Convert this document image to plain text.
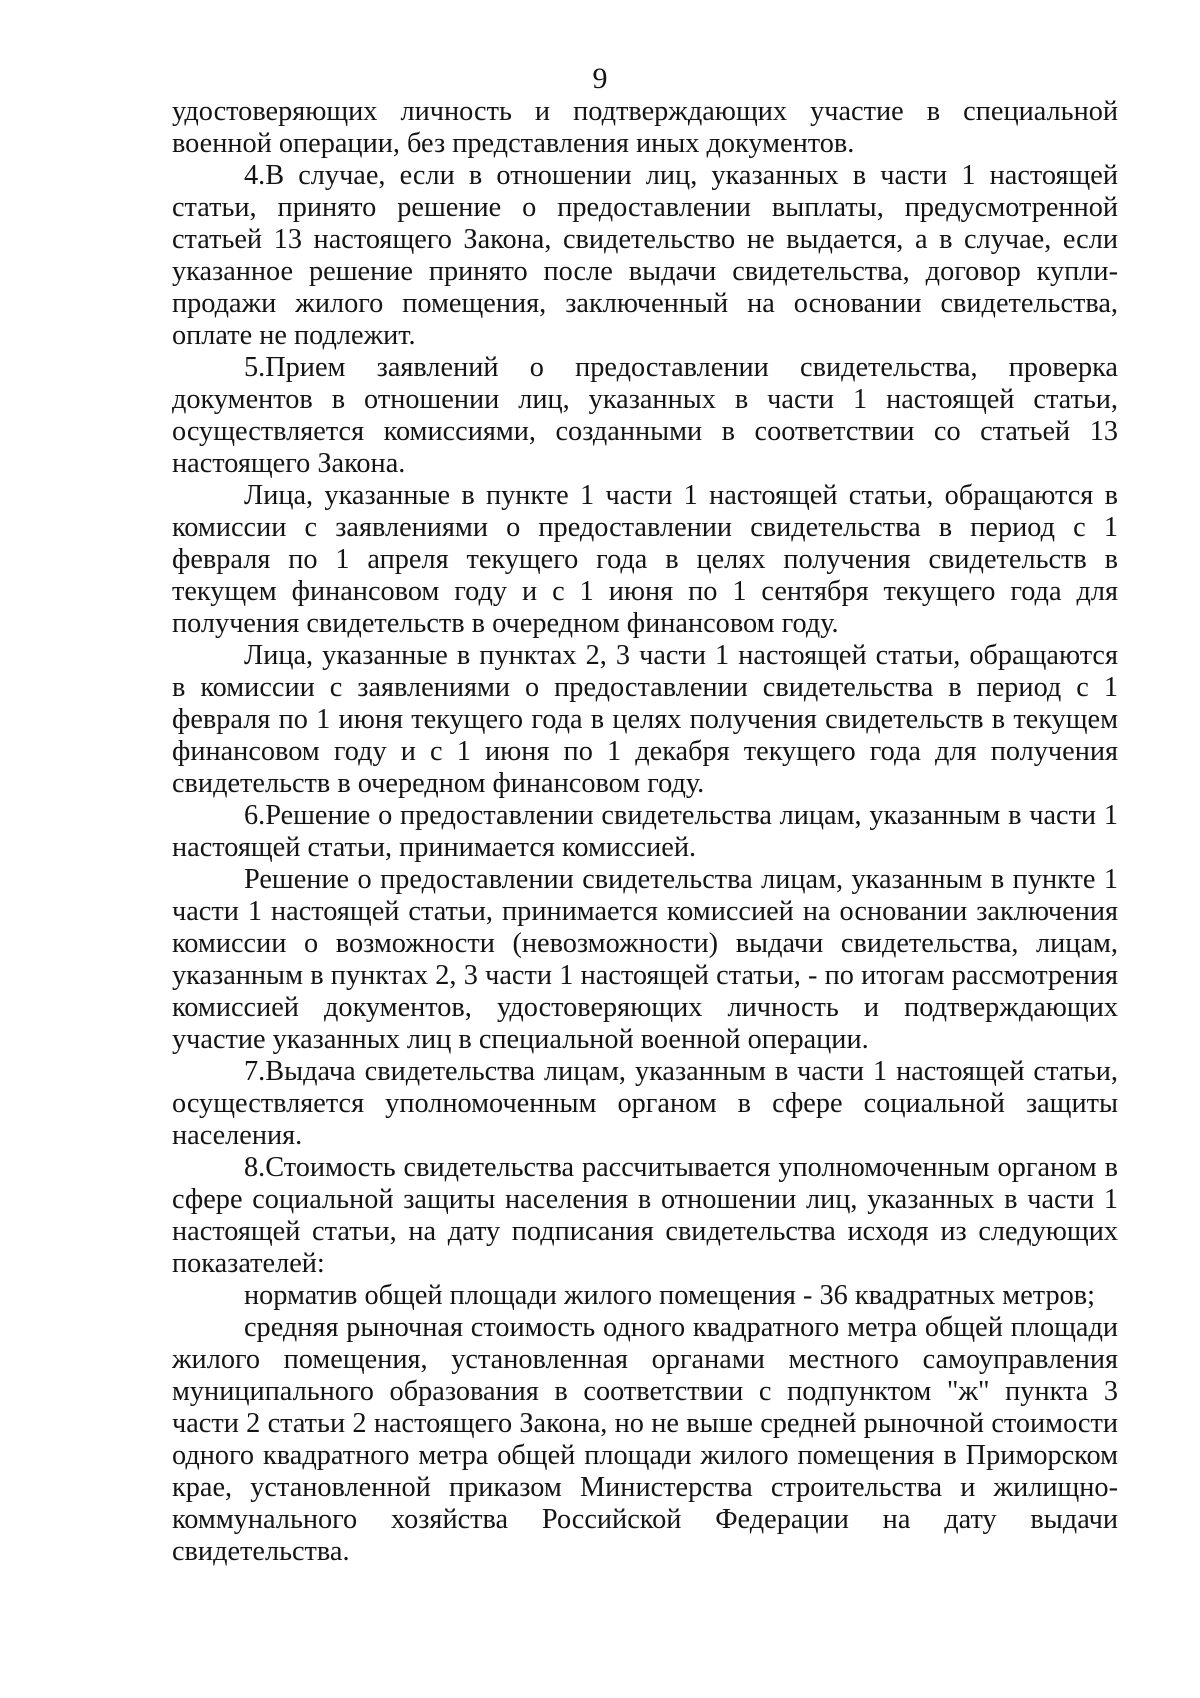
9

удостоверяющих личность и подтверждающих участие в специальной военной операции, без представления иных документов.

4.В случае, если в отношении лиц, указанных в части 1 настоящей статьи, принято решение о предоставлении выплаты, предусмотренной статьей 13 настоящего Закона, свидетельство не выдается, а в случае, если указанное решение принято после выдачи свидетельства, договор купли-продажи жилого помещения, заключенный на основании свидетельства, оплате не подлежит.

5.Прием заявлений о предоставлении свидетельства, проверка документов в отношении лиц, указанных в части 1 настоящей статьи, осуществляется комиссиями, созданными в соответствии со статьей 13 настоящего Закона.

Лица, указанные в пункте 1 части 1 настоящей статьи, обращаются в комиссии с заявлениями о предоставлении свидетельства в период с 1 февраля по 1 апреля текущего года в целях получения свидетельств в текущем финансовом году и с 1 июня по 1 сентября текущего года для получения свидетельств в очередном финансовом году.

Лица, указанные в пунктах 2, 3 части 1 настоящей статьи, обращаются в комиссии с заявлениями о предоставлении свидетельства в период с 1 февраля по 1 июня текущего года в целях получения свидетельств в текущем финансовом году и с 1 июня по 1 декабря текущего года для получения свидетельств в очередном финансовом году.

6.Решение о предоставлении свидетельства лицам, указанным в части 1 настоящей статьи, принимается комиссией.

Решение о предоставлении свидетельства лицам, указанным в пункте 1 части 1 настоящей статьи, принимается комиссией на основании заключения комиссии о возможности (невозможности) выдачи свидетельства, лицам, указанным в пунктах 2, 3 части 1 настоящей статьи, - по итогам рассмотрения комиссией документов, удостоверяющих личность и подтверждающих участие указанных лиц в специальной военной операции.

7.Выдача свидетельства лицам, указанным в части 1 настоящей статьи, осуществляется уполномоченным органом в сфере социальной защиты населения.

8.Стоимость свидетельства рассчитывается уполномоченным органом в сфере социальной защиты населения в отношении лиц, указанных в части 1 настоящей статьи, на дату подписания свидетельства исходя из следующих показателей:

норматив общей площади жилого помещения - 36 квадратных метров;

средняя рыночная стоимость одного квадратного метра общей площади жилого помещения, установленная органами местного самоуправления муниципального образования в соответствии с подпунктом "ж" пункта 3 части 2 статьи 2 настоящего Закона, но не выше средней рыночной стоимости одного квадратного метра общей площади жилого помещения в Приморском крае, установленной приказом Министерства строительства и жилищно-коммунального хозяйства Российской Федерации на дату выдачи свидетельства.
